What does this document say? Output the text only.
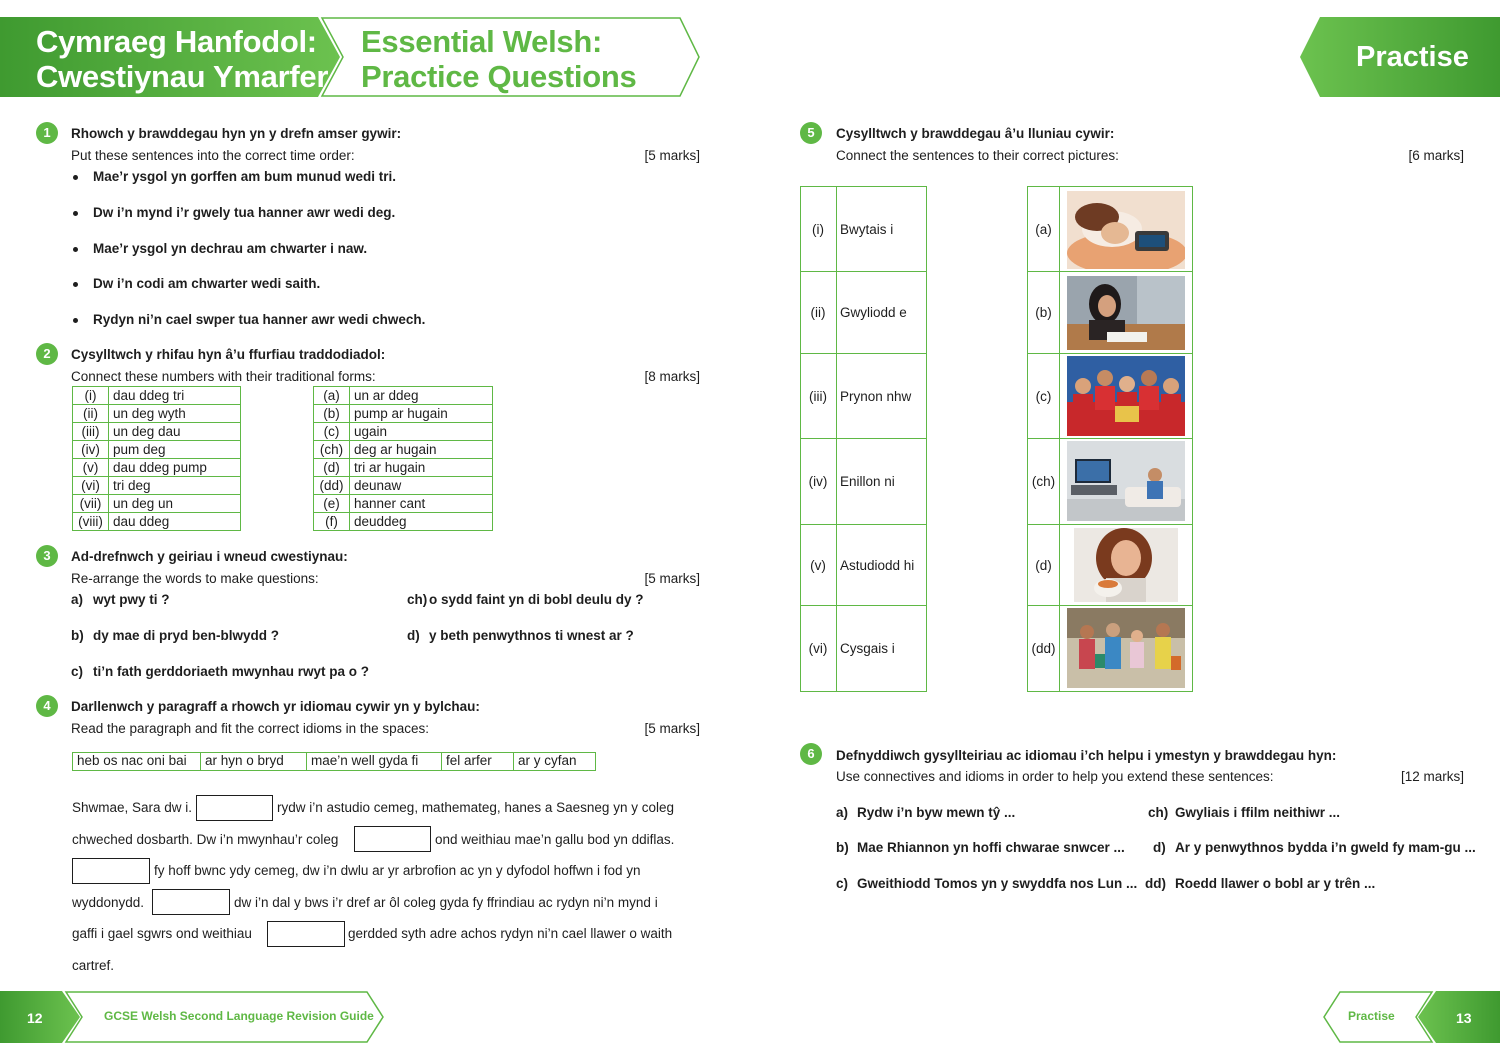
Cymraeg Hanfodol:
Cwestiynau Ymarfer
Essential Welsh:
Practice Questions
Practise
1	Rhowch y brawddegau hyn yn y drefn amser gywir:
Put these sentences into the correct time order:	[5 marks]
Mae’r ysgol yn gorffen am bum munud wedi tri.
Dw i’n mynd i’r gwely tua hanner awr wedi deg.
Mae’r ysgol yn dechrau am chwarter i naw.
Dw i’n codi am chwarter wedi saith.
Rydyn ni’n cael swper tua hanner awr wedi chwech.
2	Cysylltwch y rhifau hyn â’u ffurfiau traddodiadol:
Connect these numbers with their traditional forms:	[8 marks]
(i)	dau ddeg tri
(ii)	un deg wyth
(iii)	un deg dau
(iv)	pum deg
(v)	dau ddeg pump
(vi)	tri deg
(vii)	un deg un
(viii)	dau ddeg
(a)	un ar ddeg
(b)	pump ar hugain
(c)	ugain
(ch)	deg ar hugain
(d)	tri ar hugain
(dd)	deunaw
(e)	hanner cant
(f)	deuddeg
3	Ad-drefnwch y geiriau i wneud cwestiynau:
Re-arrange the words to make questions:	[5 marks]
a) wyt pwy ti ?
b) dy mae di pryd ben-blwydd ?
c) ti’n fath gerddoriaeth mwynhau rwyt pa o ?
ch) o sydd faint yn di bobl deulu dy ?
d) y beth penwythnos ti wnest ar ?
4	Darllenwch y paragraff a rhowch yr idiomau cywir yn y bylchau:
Read the paragraph and fit the correct idioms in the spaces:	[5 marks]
heb os nac oni bai	ar hyn o bryd	mae’n well gyda fi	fel arfer	ar y cyfan
Shwmae, Sara dw i.	rydw i’n astudio cemeg, mathemateg, hanes a Saesneg yn y coleg
chweched dosbarth. Dw i’n mwynhau’r coleg	ond weithiau mae’n gallu bod yn ddiflas.
fy hoff bwnc ydy cemeg, dw i’n dwlu ar yr arbrofion ac yn y dyfodol hoffwn i fod yn
wyddonydd.	dw i’n dal y bws i’r dref ar ôl coleg gyda fy ffrindiau ac rydyn ni’n mynd i
gaffi i gael sgwrs ond weithiau	gerdded syth adre achos rydyn ni’n cael llawer o waith
cartref.
5	Cysylltwch y brawddegau â’u lluniau cywir:
Connect the sentences to their correct pictures:	[6 marks]
(i)	Bwytais i
(ii)	Gwyliodd e
(iii) Prynon nhw
(iv) Enillon ni
(v)	Astudiodd hi
(vi) Cysgais i
(a)
(b)
(c)
(ch)
(d)
(dd)
6	Defnyddiwch gysyllteiriau ac idiomau i’ch helpu i ymestyn y brawddegau hyn:
Use connectives and idioms in order to help you extend these sentences:	[12 marks]
a) Rydw i’n byw mewn tŷ ...
b) Mae Rhiannon yn hoffi chwarae snwcer ...
c) Gweithiodd Tomos yn y swyddfa nos Lun ...
ch) Gwyliais i ffilm neithiwr ...
d) Ar y penwythnos bydda i’n gweld fy mam-gu ...
dd) Roedd llawer o bobl ar y trên ...
12	GCSE Welsh Second Language Revision Guide	Practise	13
